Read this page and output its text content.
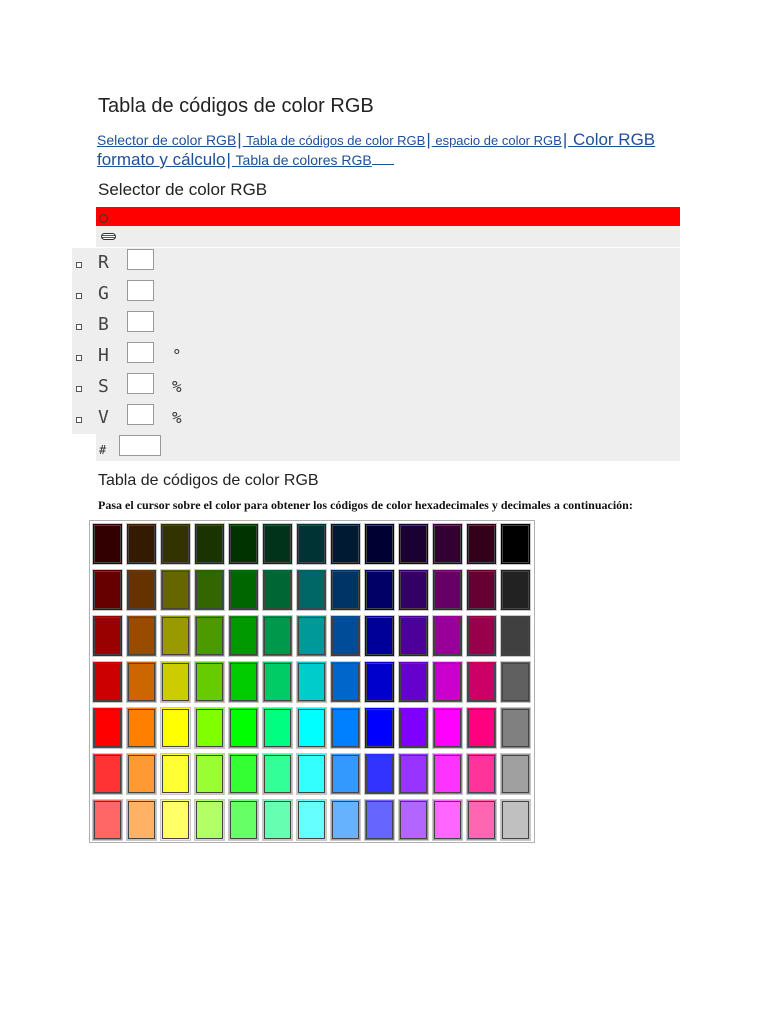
Tabla de códigos de color RGB
Selector de color RGB| Tabla de códigos de color RGB| espacio de color RGB| Color RGB formato y cálculo| Tabla de colores RGB
Selector de color RGB
R
G
B
H	°
S	%
V	%
#
Tabla de códigos de color RGB
Pasa el cursor sobre el color para obtener los códigos de color hexadecimales y decimales a continuación:
